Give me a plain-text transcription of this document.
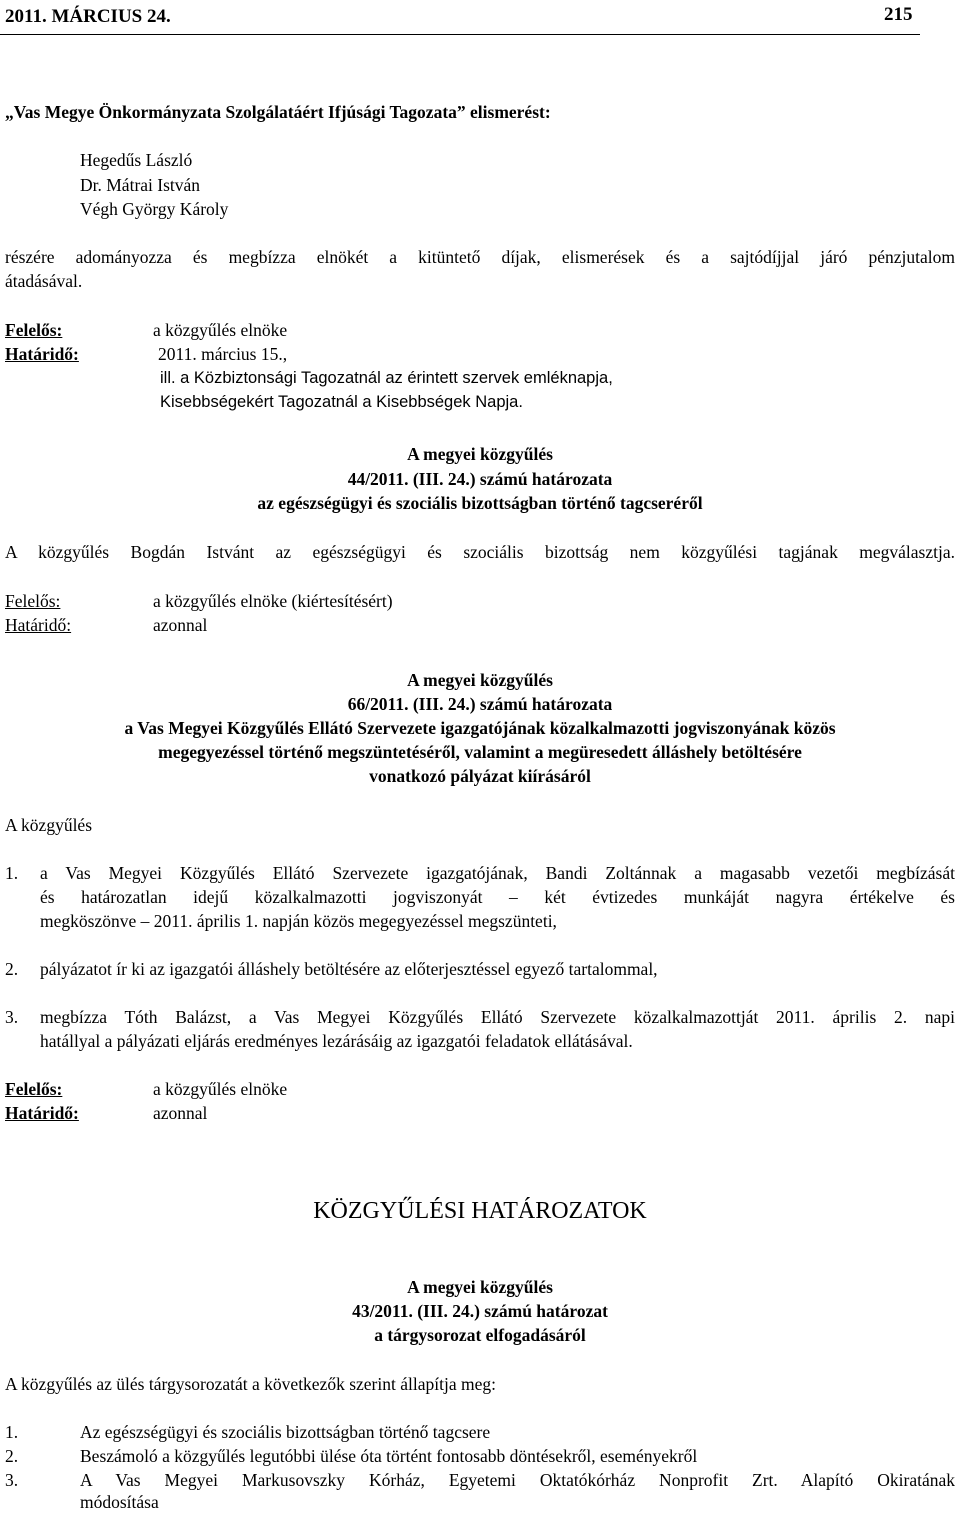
2011. MÁRCIUS 24.	215
„Vas Megye Önkormányzata Szolgálatáért Ifjúsági Tagozata” elismerést:
Hegedűs László
Dr. Mátrai István
Végh György Károly
részére adományozza és megbízza elnökét a kitüntető díjak, elismerések és a sajtódíjjal járó pénzjutalom
átadásával.
Felelős:	a közgyűlés elnöke
Határidő:	2011. március 15.,
ill. a Közbiztonsági Tagozatnál az érintett szervek emléknapja,
Kisebbségekért Tagozatnál a Kisebbségek Napja.
A megyei közgyűlés
44/2011. (III. 24.) számú határozata
az egészségügyi és szociális bizottságban történő tagcseréről
A közgyűlés Bogdán Istvánt az egészségügyi és szociális bizottság nem közgyűlési tagjának megválasztja.
Felelős:	a közgyűlés elnöke (kiértesítésért)
Határidő:	azonnal
A megyei közgyűlés
66/2011. (III. 24.) számú határozata
a Vas Megyei Közgyűlés Ellátó Szervezete igazgatójának közalkalmazotti jogviszonyának közös
megegyezéssel történő megszüntetéséről, valamint a megüresedett álláshely betöltésére
vonatkozó pályázat kiírásáról
A közgyűlés
1. a Vas Megyei Közgyűlés Ellátó Szervezete igazgatójának, Bandi Zoltánnak a magasabb vezetői megbízását
és határozatlan idejű közalkalmazotti jogviszonyát – két évtizedes munkáját nagyra értékelve és
megköszönve – 2011. április 1. napján közös megegyezéssel megszünteti,
2. pályázatot ír ki az igazgatói álláshely betöltésére az előterjesztéssel egyező tartalommal,
3. megbízza Tóth Balázst, a Vas Megyei Közgyűlés Ellátó Szervezete közalkalmazottját 2011. április 2. napi
hatállyal a pályázati eljárás eredményes lezárásáig az igazgatói feladatok ellátásával.
Felelős:	a közgyűlés elnöke
Határidő:	azonnal
KÖZGYŰLÉSI HATÁROZATOK
A megyei közgyűlés
43/2011. (III. 24.) számú határozat
a tárgysorozat elfogadásáról
A közgyűlés az ülés tárgysorozatát a következők szerint állapítja meg:
1.	Az egészségügyi és szociális bizottságban történő tagcsere
2.	Beszámoló a közgyűlés legutóbbi ülése óta történt fontosabb döntésekről, eseményekről
3.	A Vas Megyei Markusovszky Kórház, Egyetemi Oktatókórház Nonprofit Zrt. Alapító Okiratának
módosítása
